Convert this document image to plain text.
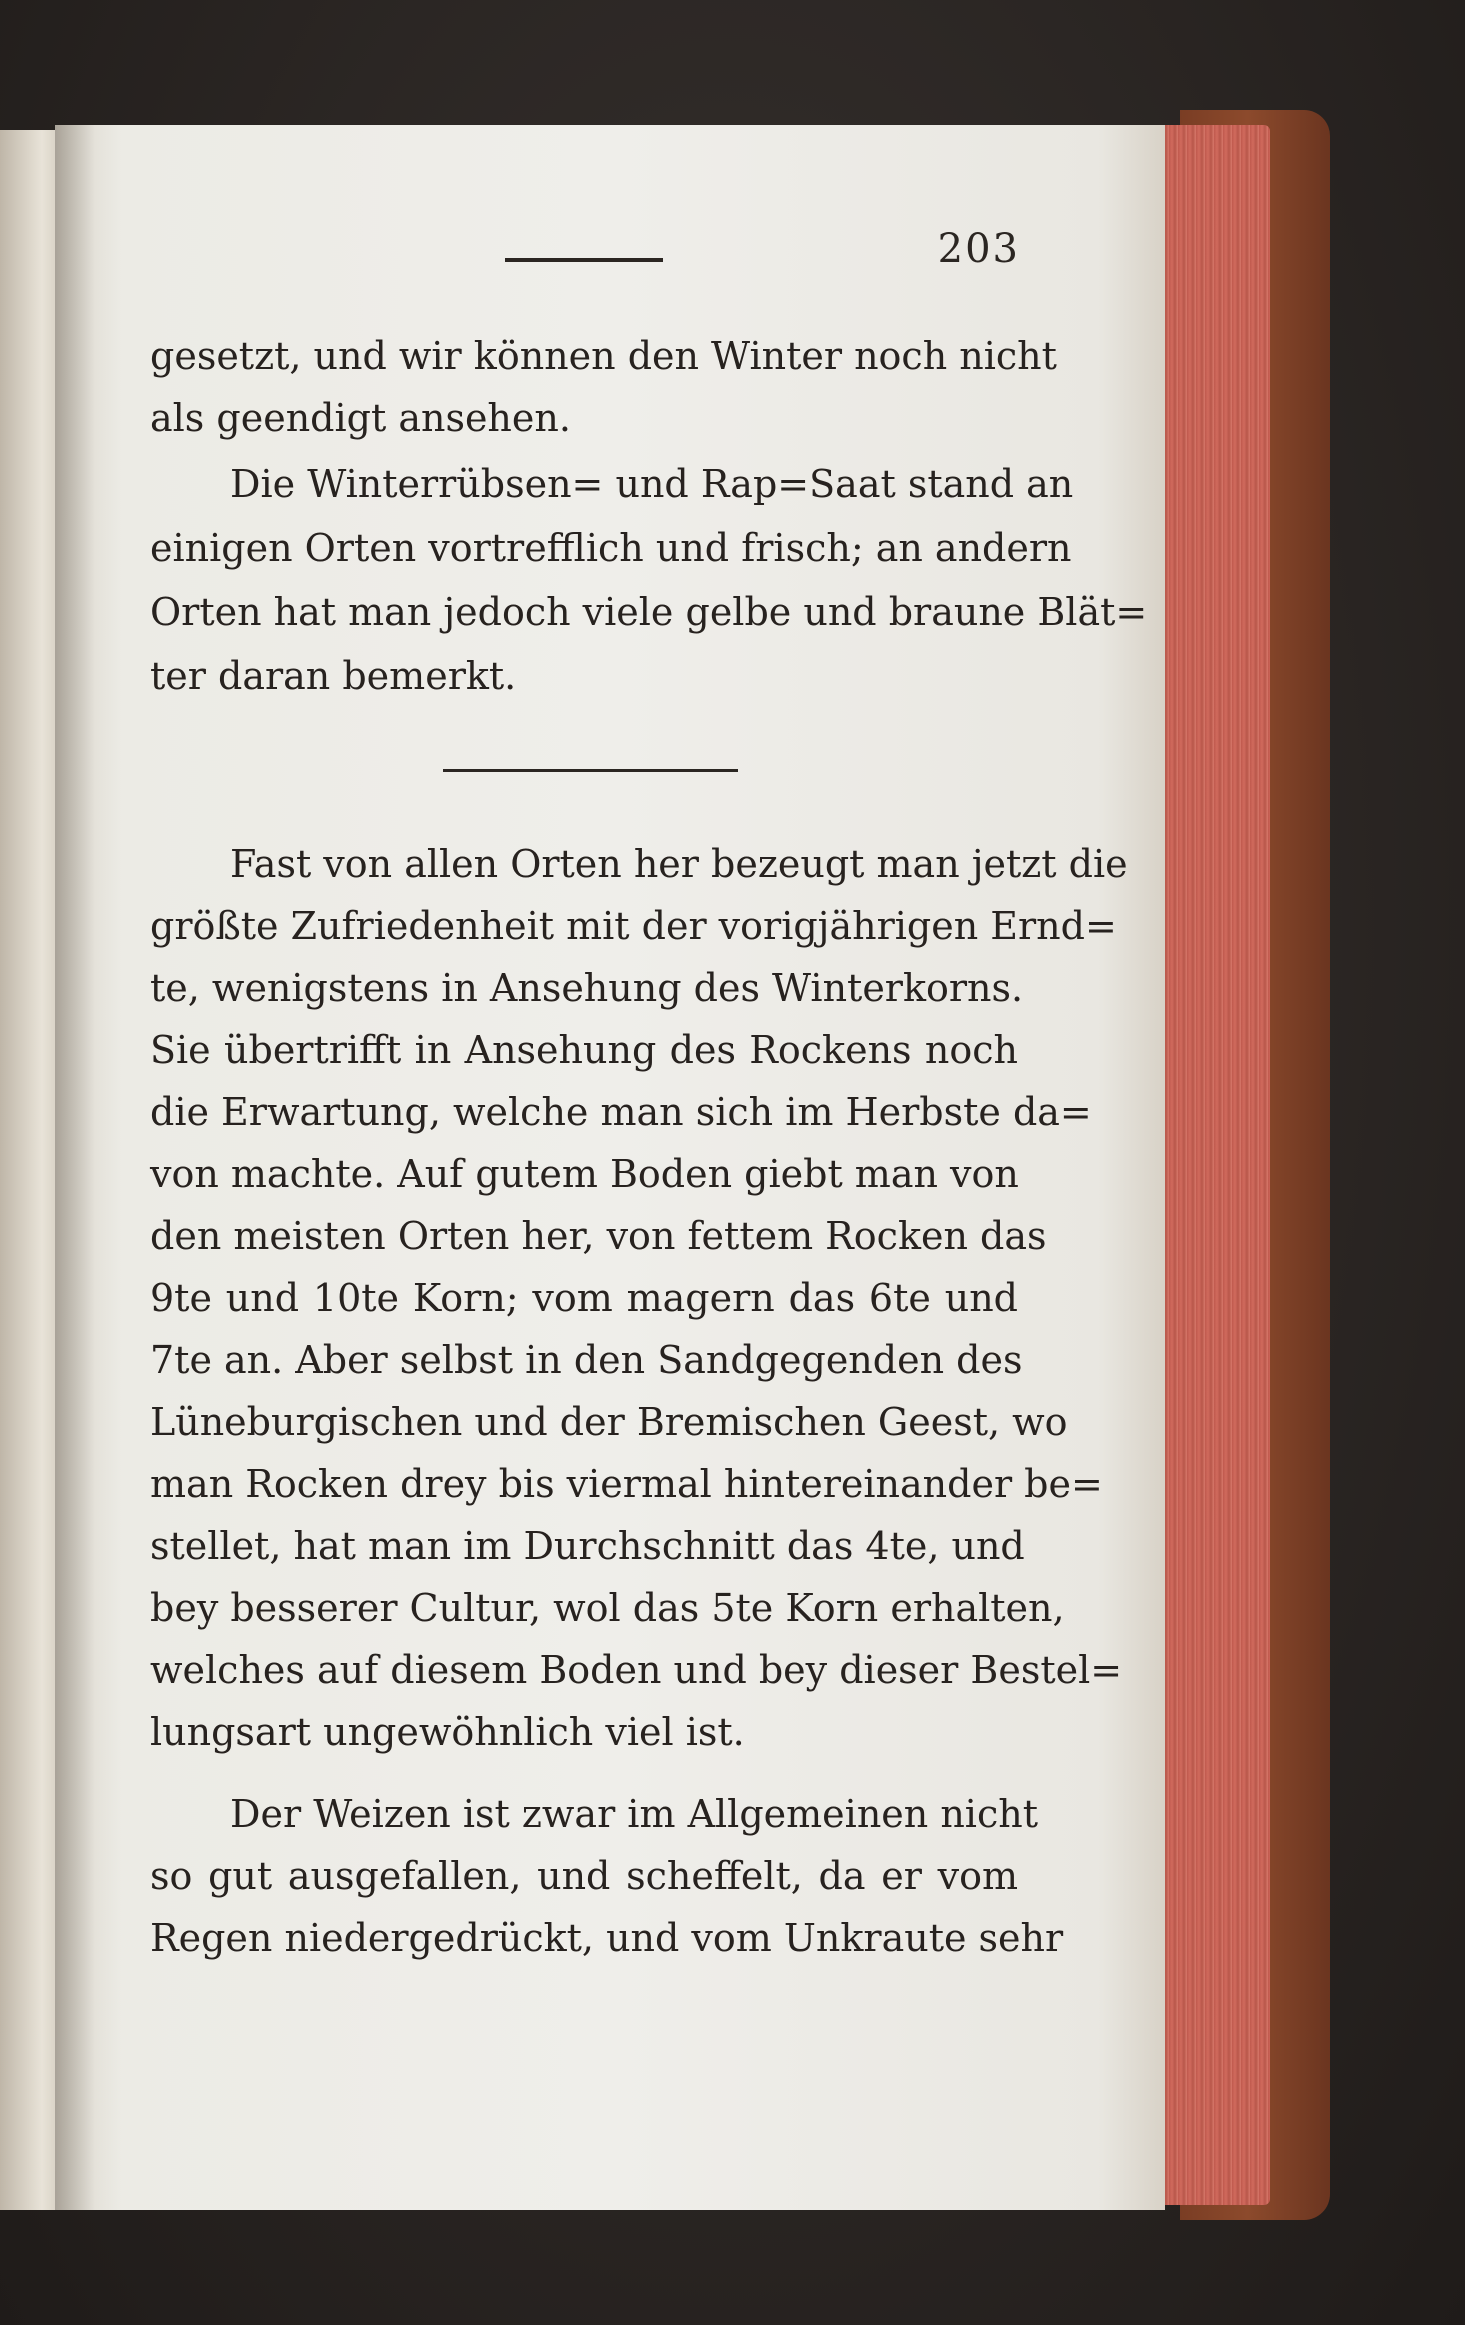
203
gesetzt, und wir können den Winter noch nicht
als geendigt ansehen.
Die Winterrübsen= und Rap=Saat stand an
einigen Orten vortrefflich und frisch; an andern
Orten hat man jedoch viele gelbe und braune Blät=
ter daran bemerkt.
Fast von allen Orten her bezeugt man jetzt die
größte Zufriedenheit mit der vorigjährigen Ernd=
te, wenigstens in Ansehung des Winterkorns.
Sie übertrifft in Ansehung des Rockens noch
die Erwartung, welche man sich im Herbste da=
von machte. Auf gutem Boden giebt man von
den meisten Orten her, von fettem Rocken das
9te und 10te Korn; vom magern das 6te und
7te an. Aber selbst in den Sandgegenden des
Lüneburgischen und der Bremischen Geest, wo
man Rocken drey bis viermal hintereinander be=
stellet, hat man im Durchschnitt das 4te, und
bey besserer Cultur, wol das 5te Korn erhalten,
welches auf diesem Boden und bey dieser Bestel=
lungsart ungewöhnlich viel ist.
Der Weizen ist zwar im Allgemeinen nicht
so gut ausgefallen, und scheffelt, da er vom
Regen niedergedrückt, und vom Unkraute sehr
